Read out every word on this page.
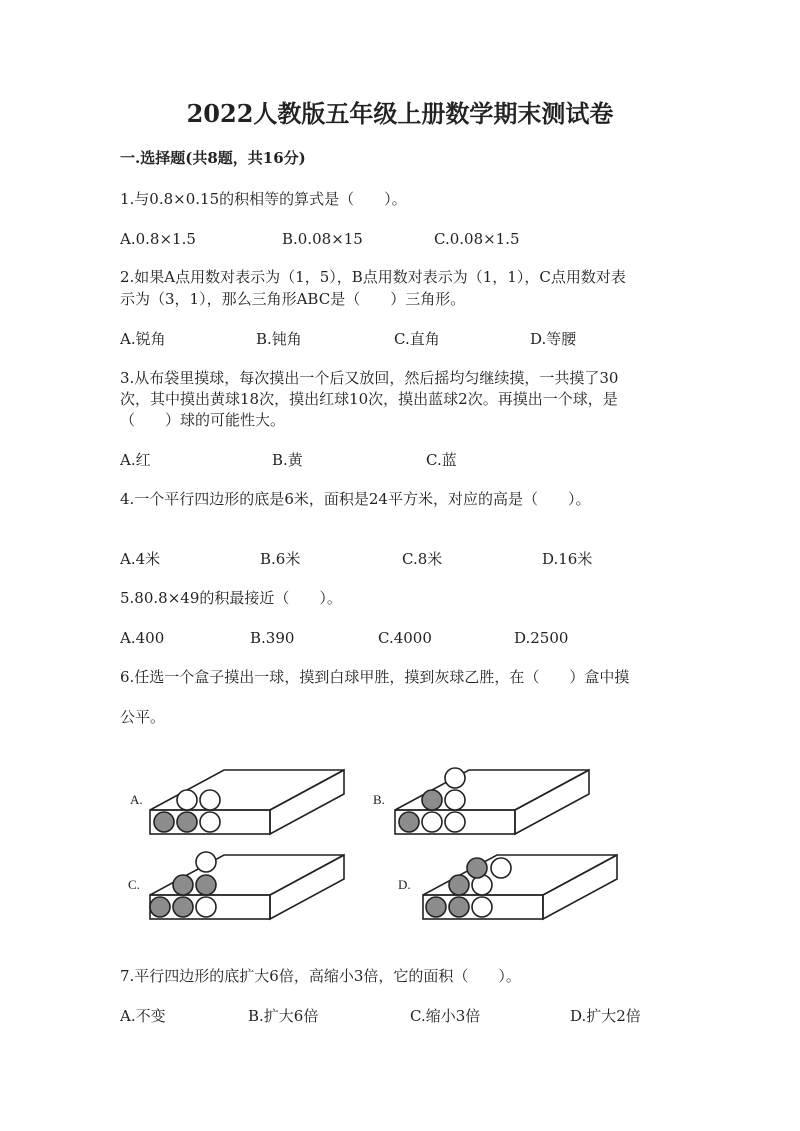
2022人教版五年级上册数学期末测试卷
一.选择题(共8题，共16分)
1.与0.8×0.15的积相等的算式是（　　）。
A.0.8×1.5	B.0.08×15	C.0.08×1.5
2.如果A点用数对表示为（1，5），B点用数对表示为（1，1），C点用数对表
示为（3，1），那么三角形ABC是（　　）三角形。
A.锐角	B.钝角	C.直角	D.等腰
3.从布袋里摸球，每次摸出一个后又放回，然后摇均匀继续摸，一共摸了30
次，其中摸出黄球18次，摸出红球10次，摸出蓝球2次。再摸出一个球，是
（　　）球的可能性大。
A.红	B.黄	C.蓝
4.一个平行四边形的底是6米，面积是24平方米，对应的高是（　　）。
A.4米	B.6米	C.8米	D.16米
5.80.8×49的积最接近（　　）。
A.400	B.390	C.4000	D.2500
6.任选一个盒子摸出一球，摸到白球甲胜，摸到灰球乙胜，在（　　）盒中摸
公平。
A.	B.
C.	D.
7.平行四边形的底扩大6倍，高缩小3倍，它的面积（　　）。
A.不变	B.扩大6倍	C.缩小3倍	D.扩大2倍
